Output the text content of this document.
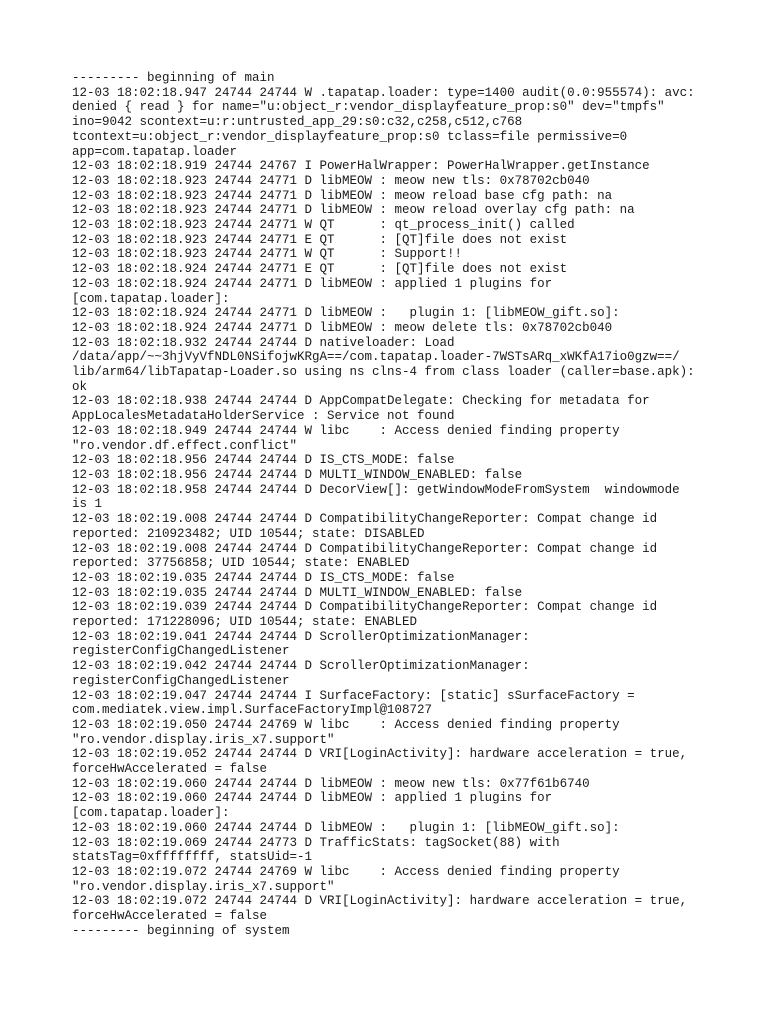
--------- beginning of main
12-03 18:02:18.947 24744 24744 W .tapatap.loader: type=1400 audit(0.0:955574): avc:
denied { read } for name="u:object_r:vendor_displayfeature_prop:s0" dev="tmpfs"
ino=9042 scontext=u:r:untrusted_app_29:s0:c32,c258,c512,c768
tcontext=u:object_r:vendor_displayfeature_prop:s0 tclass=file permissive=0
app=com.tapatap.loader
12-03 18:02:18.919 24744 24767 I PowerHalWrapper: PowerHalWrapper.getInstance
12-03 18:02:18.923 24744 24771 D libMEOW : meow new tls: 0x78702cb040
12-03 18:02:18.923 24744 24771 D libMEOW : meow reload base cfg path: na
12-03 18:02:18.923 24744 24771 D libMEOW : meow reload overlay cfg path: na
12-03 18:02:18.923 24744 24771 W QT      : qt_process_init() called
12-03 18:02:18.923 24744 24771 E QT      : [QT]file does not exist
12-03 18:02:18.923 24744 24771 W QT      : Support!!
12-03 18:02:18.924 24744 24771 E QT      : [QT]file does not exist
12-03 18:02:18.924 24744 24771 D libMEOW : applied 1 plugins for
[com.tapatap.loader]:
12-03 18:02:18.924 24744 24771 D libMEOW :   plugin 1: [libMEOW_gift.so]:
12-03 18:02:18.924 24744 24771 D libMEOW : meow delete tls: 0x78702cb040
12-03 18:02:18.932 24744 24744 D nativeloader: Load
/data/app/~~3hjVyVfNDL0NSifojwKRgA==/com.tapatap.loader-7WSTsARq_xWKfA17io0gzw==/
lib/arm64/libTapatap-Loader.so using ns clns-4 from class loader (caller=base.apk):
ok
12-03 18:02:18.938 24744 24744 D AppCompatDelegate: Checking for metadata for
AppLocalesMetadataHolderService : Service not found
12-03 18:02:18.949 24744 24744 W libc    : Access denied finding property
"ro.vendor.df.effect.conflict"
12-03 18:02:18.956 24744 24744 D IS_CTS_MODE: false
12-03 18:02:18.956 24744 24744 D MULTI_WINDOW_ENABLED: false
12-03 18:02:18.958 24744 24744 D DecorView[]: getWindowModeFromSystem  windowmode
is 1
12-03 18:02:19.008 24744 24744 D CompatibilityChangeReporter: Compat change id
reported: 210923482; UID 10544; state: DISABLED
12-03 18:02:19.008 24744 24744 D CompatibilityChangeReporter: Compat change id
reported: 37756858; UID 10544; state: ENABLED
12-03 18:02:19.035 24744 24744 D IS_CTS_MODE: false
12-03 18:02:19.035 24744 24744 D MULTI_WINDOW_ENABLED: false
12-03 18:02:19.039 24744 24744 D CompatibilityChangeReporter: Compat change id
reported: 171228096; UID 10544; state: ENABLED
12-03 18:02:19.041 24744 24744 D ScrollerOptimizationManager:
registerConfigChangedListener
12-03 18:02:19.042 24744 24744 D ScrollerOptimizationManager:
registerConfigChangedListener
12-03 18:02:19.047 24744 24744 I SurfaceFactory: [static] sSurfaceFactory =
com.mediatek.view.impl.SurfaceFactoryImpl@108727
12-03 18:02:19.050 24744 24769 W libc    : Access denied finding property
"ro.vendor.display.iris_x7.support"
12-03 18:02:19.052 24744 24744 D VRI[LoginActivity]: hardware acceleration = true,
forceHwAccelerated = false
12-03 18:02:19.060 24744 24744 D libMEOW : meow new tls: 0x77f61b6740
12-03 18:02:19.060 24744 24744 D libMEOW : applied 1 plugins for
[com.tapatap.loader]:
12-03 18:02:19.060 24744 24744 D libMEOW :   plugin 1: [libMEOW_gift.so]:
12-03 18:02:19.069 24744 24773 D TrafficStats: tagSocket(88) with
statsTag=0xffffffff, statsUid=-1
12-03 18:02:19.072 24744 24769 W libc    : Access denied finding property
"ro.vendor.display.iris_x7.support"
12-03 18:02:19.072 24744 24744 D VRI[LoginActivity]: hardware acceleration = true,
forceHwAccelerated = false
--------- beginning of system
